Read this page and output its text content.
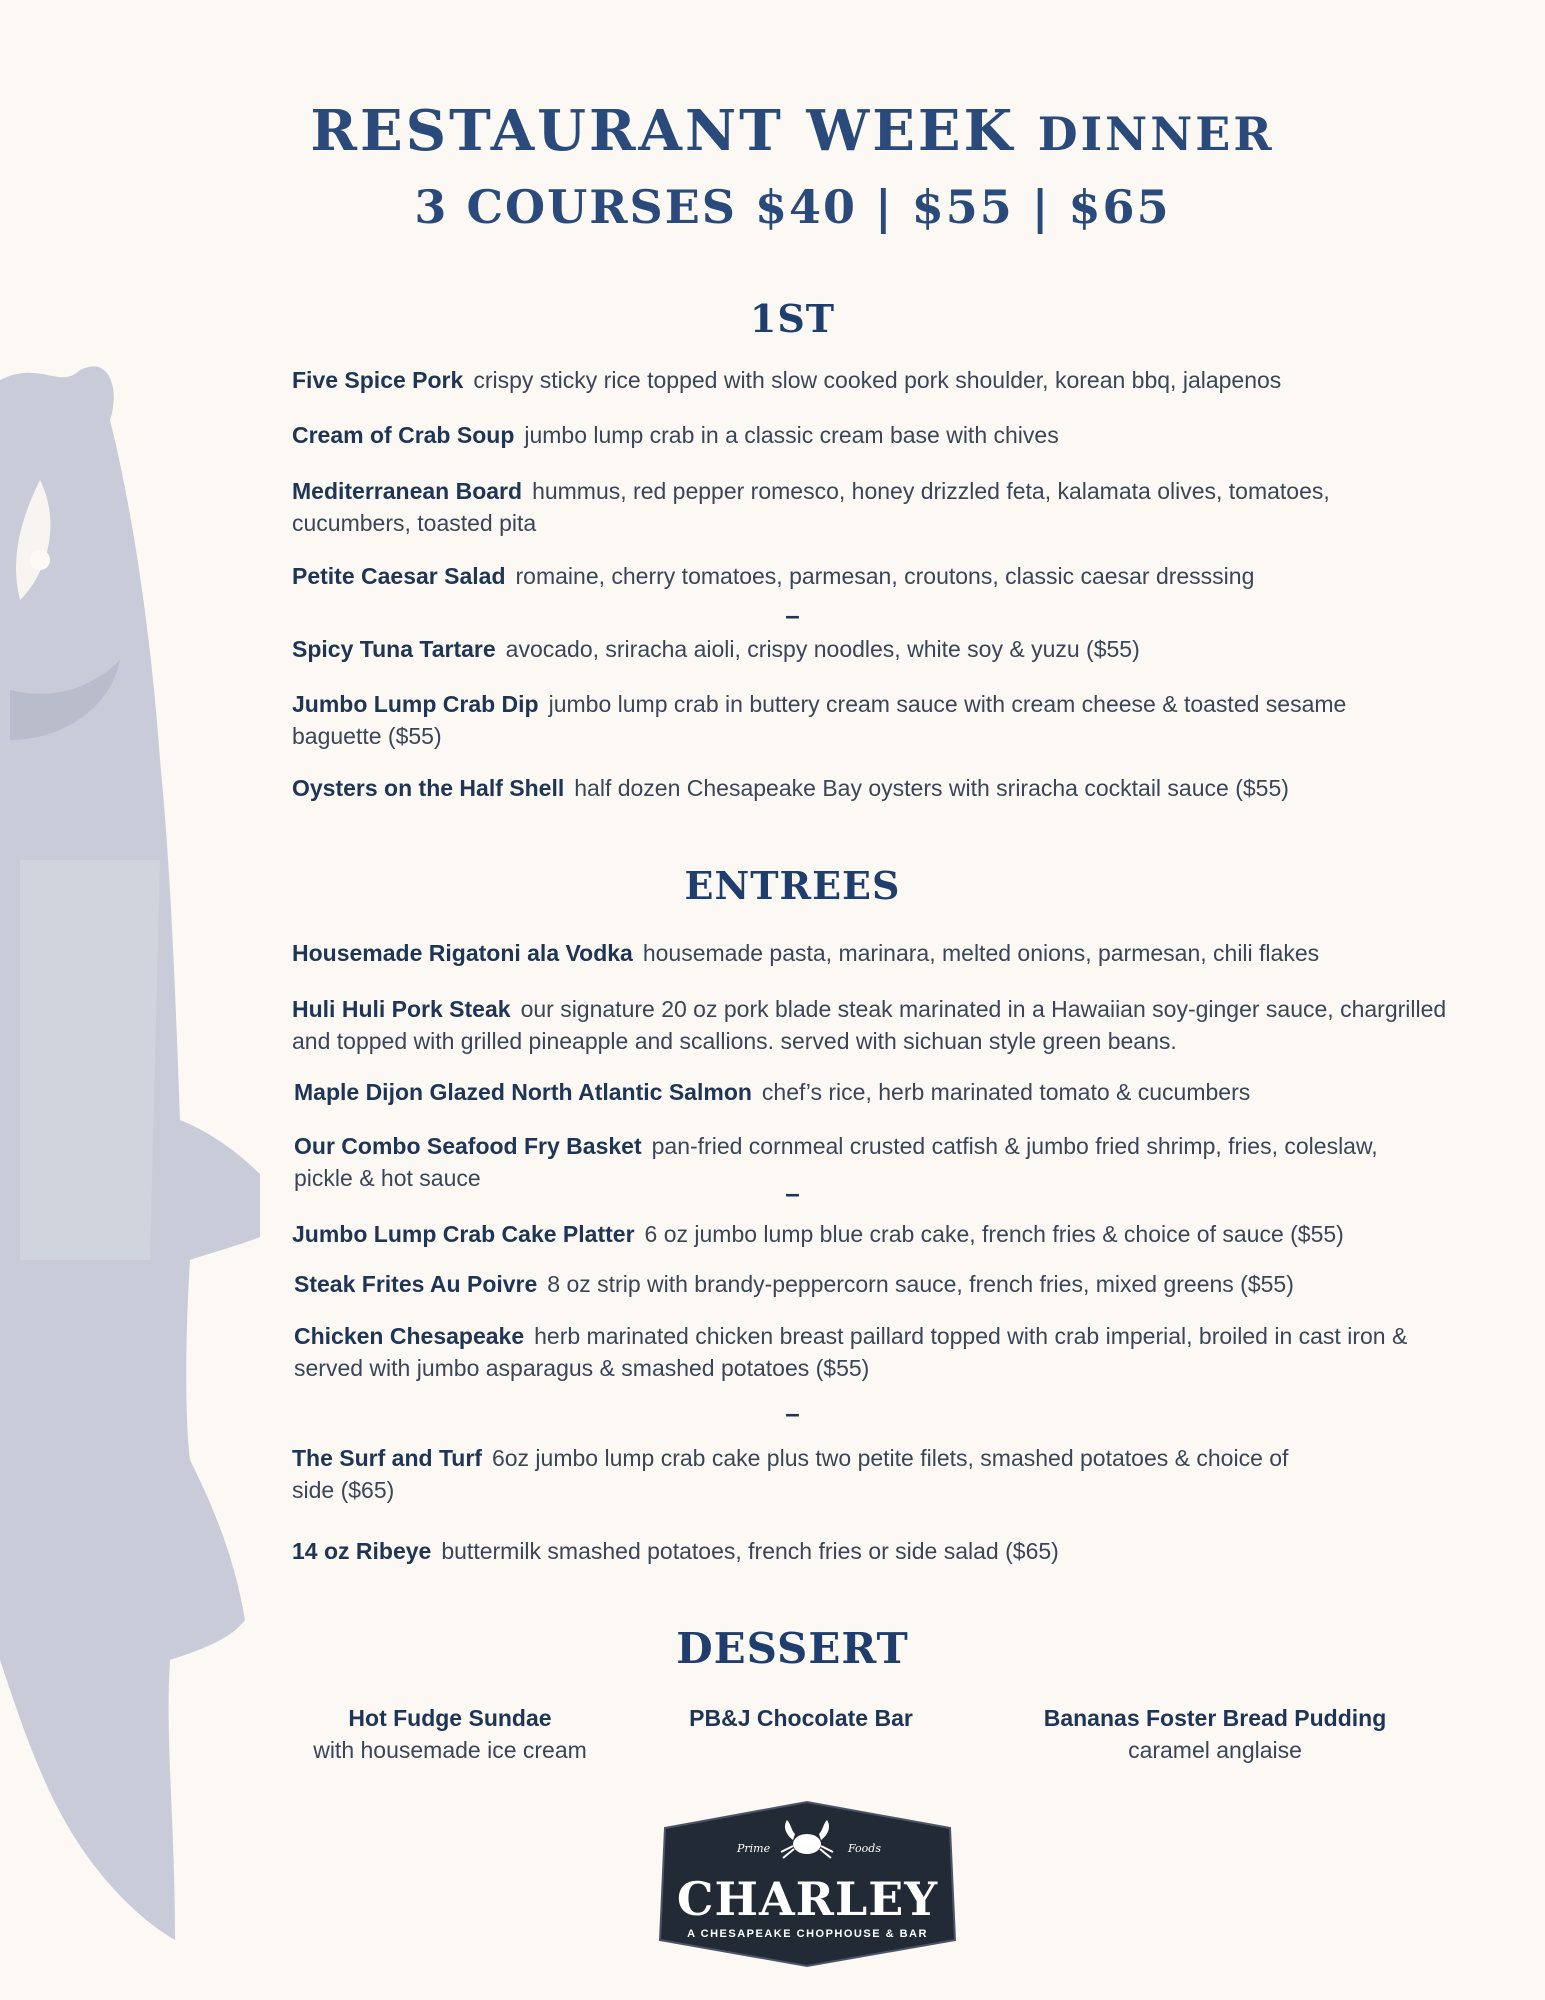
RESTAURANT WEEK DINNER
3 COURSES $40 | $55 | $65
1ST
Five Spice Pork crispy sticky rice topped with slow cooked pork shoulder, korean bbq, jalapenos
Cream of Crab Soup jumbo lump crab in a classic cream base with chives
Mediterranean Board hummus, red pepper romesco, honey drizzled feta, kalamata olives, tomatoes, cucumbers, toasted pita
Petite Caesar Salad romaine, cherry tomatoes, parmesan, croutons, classic caesar dresssing
–
Spicy Tuna Tartare avocado, sriracha aioli, crispy noodles, white soy & yuzu ($55)
Jumbo Lump Crab Dip jumbo lump crab in buttery cream sauce with cream cheese & toasted sesame baguette ($55)
Oysters on the Half Shell half dozen Chesapeake Bay oysters with sriracha cocktail sauce ($55)
ENTREES
Housemade Rigatoni ala Vodka housemade pasta, marinara, melted onions, parmesan, chili flakes
Huli Huli Pork Steak our signature 20 oz pork blade steak marinated in a Hawaiian soy-ginger sauce, chargrilled and topped with grilled pineapple and scallions. served with sichuan style green beans.
Maple Dijon Glazed North Atlantic Salmon chef’s rice, herb marinated tomato & cucumbers
Our Combo Seafood Fry Basket pan-fried cornmeal crusted catfish & jumbo fried shrimp, fries, coleslaw, pickle & hot sauce	–
Jumbo Lump Crab Cake Platter 6 oz jumbo lump blue crab cake, french fries & choice of sauce ($55)
Steak Frites Au Poivre 8 oz strip with brandy-peppercorn sauce, french fries, mixed greens ($55)
Chicken Chesapeake herb marinated chicken breast paillard topped with crab imperial, broiled in cast iron & served with jumbo asparagus & smashed potatoes ($55)
–
The Surf and Turf 6oz jumbo lump crab cake plus two petite filets, smashed potatoes & choice of side ($65)
14 oz Ribeye buttermilk smashed potatoes, french fries or side salad ($65)
DESSERT
Hot Fudge Sundae
with housemade ice cream
PB&J Chocolate Bar	Bananas Foster Bread Pudding
caramel anglaise
Prime	Foods
CHARLEY
A CHESAPEAKE CHOPHOUSE & BAR
